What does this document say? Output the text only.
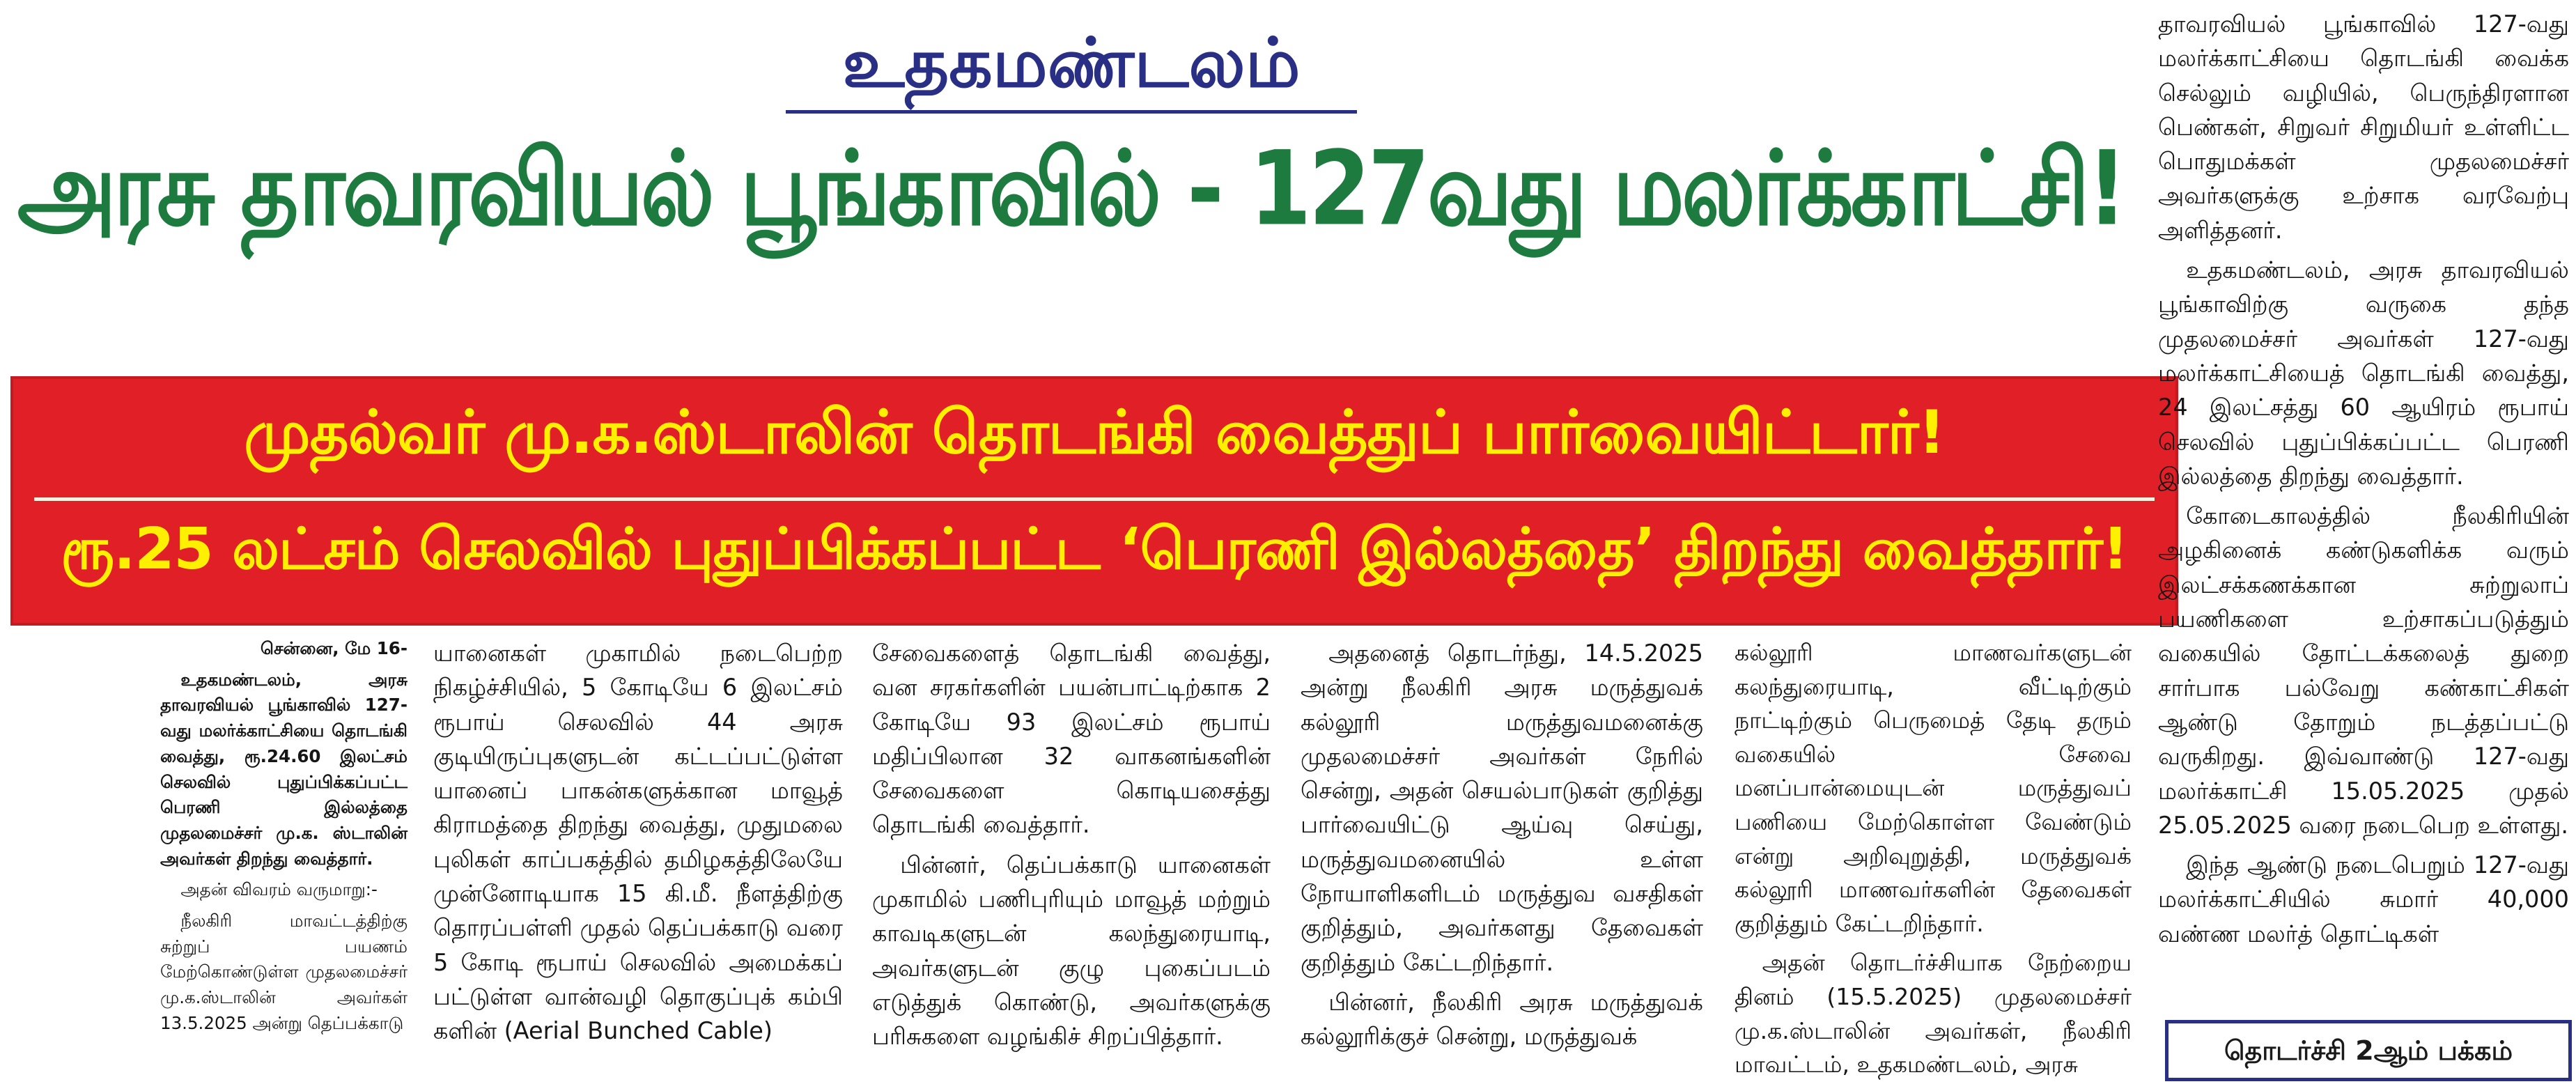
உதகமண்டலம்
அரசு தாவரவியல் பூங்காவில் - 127வது மலர்க்காட்சி!
முதல்வர் மு.க.ஸ்டாலின் தொடங்கி வைத்துப் பார்வையிட்டார்!
ரூ.25 லட்சம் செலவில் புதுப்பிக்கப்பட்ட ‘பெரணி இல்லத்தை’ திறந்து வைத்தார்!

சென்னை, மே 16-

உதகமண்டலம், அரசு தாவரவியல் பூங்காவில் 127-வது மலர்க்காட்சியை தொடங்கி வைத்து, ரூ.24.60 இலட்சம் செலவில் புதுப்பிக்கப்பட்ட பெரணி இல்லத்தை முதலமைச்சர் மு.க. ஸ்டாலின் அவர்கள் திறந்து வைத்தார்.

அதன் விவரம் வருமாறு:-

நீலகிரி மாவட்டத்திற்கு சுற்றுப் பயணம் மேற்கொண்டுள்ள முதலமைச்சர் மு.க.ஸ்டாலின் அவர்கள் 13.5.2025 அன்று தெப்பக்காடு

யானைகள் முகாமில் நடைபெற்ற நிகழ்ச்சியில், 5 கோடியே 6 இலட்சம் ரூபாய் செலவில் 44 அரசு குடியிருப்புகளுடன் கட்டப்பட்டுள்ள யானைப் பாகன்களுக்கான மாவூத் கிராமத்தை திறந்து வைத்து, முதுமலை புலிகள் காப்பகத்தில் தமிழகத்திலேயே முன்னோடியாக 15 கி.மீ. நீளத்திற்கு தொரப்பள்ளி முதல் தெப்பக்காடு வரை 5 கோடி ரூபாய் செலவில் அமைக்கப் பட்டுள்ள வான்வழி தொகுப்புக் கம்பி களின் (Aerial Bunched Cable)

சேவைகளைத் தொடங்கி வைத்து, வன சரகர்களின் பயன்பாட்டிற்காக 2 கோடியே 93 இலட்சம் ரூபாய் மதிப்பிலான 32 வாகனங்களின் சேவைகளை கொடியசைத்து தொடங்கி வைத்தார்.

பின்னர், தெப்பக்காடு யானைகள் முகாமில் பணிபுரியும் மாவூத் மற்றும் காவடிகளுடன் கலந்துரையாடி, அவர்களுடன் குழு புகைப்படம் எடுத்துக் கொண்டு, அவர்களுக்கு பரிசுகளை வழங்கிச் சிறப்பித்தார்.

அதனைத் தொடர்ந்து, 14.5.2025 அன்று நீலகிரி அரசு மருத்துவக் கல்லூரி மருத்துவமனைக்கு முதலமைச்சர் அவர்கள் நேரில் சென்று, அதன் செயல்பாடுகள் குறித்து பார்வையிட்டு ஆய்வு செய்து, மருத்துவமனையில் உள்ள நோயாளிகளிடம் மருத்துவ வசதிகள் குறித்தும், அவர்களது தேவைகள் குறித்தும் கேட்டறிந்தார்.

பின்னர், நீலகிரி அரசு மருத்துவக் கல்லூரிக்குச் சென்று, மருத்துவக்

கல்லூரி மாணவர்களுடன் கலந்துரையாடி, வீட்டிற்கும் நாட்டிற்கும் பெருமைத் தேடி தரும் வகையில் சேவை மனப்பான்மையுடன் மருத்துவப் பணியை மேற்கொள்ள வேண்டும் என்று அறிவுறுத்தி, மருத்துவக் கல்லூரி மாணவர்களின் தேவைகள் குறித்தும் கேட்டறிந்தார்.

அதன் தொடர்ச்சியாக நேற்றைய தினம் (15.5.2025) முதலமைச்சர் மு.க.ஸ்டாலின் அவர்கள், நீலகிரி மாவட்டம், உதகமண்டலம், அரசு

தாவரவியல் பூங்காவில் 127-வது மலர்க்காட்சியை தொடங்கி வைக்க செல்லும் வழியில், பெருந்திரளான பெண்கள், சிறுவர் சிறுமியர் உள்ளிட்ட பொதுமக்கள் முதலமைச்சர் அவர்களுக்கு உற்சாக வரவேற்பு அளித்தனர்.

உதகமண்டலம், அரசு தாவரவியல் பூங்காவிற்கு வருகை தந்த முதலமைச்சர் அவர்கள் 127-வது மலர்க்காட்சியைத் தொடங்கி வைத்து, 24 இலட்சத்து 60 ஆயிரம் ரூபாய் செலவில் புதுப்பிக்கப்பட்ட பெரணி இல்லத்தை திறந்து வைத்தார்.

கோடைகாலத்தில் நீலகிரியின் அழகினைக் கண்டுகளிக்க வரும் இலட்சக்கணக்கான சுற்றுலாப் பயணிகளை உற்சாகப்படுத்தும் வகையில் தோட்டக்கலைத் துறை சார்பாக பல்வேறு கண்காட்சிகள் ஆண்டு தோறும் நடத்தப்பட்டு வருகிறது. இவ்வாண்டு 127-வது மலர்க்காட்சி 15.05.2025 முதல் 25.05.2025 வரை நடைபெற உள்ளது.

இந்த ஆண்டு நடைபெறும் 127-வது மலர்க்காட்சியில் சுமார் 40,000 வண்ண மலர்த் தொட்டிகள்

தொடர்ச்சி 2ஆம் பக்கம்
